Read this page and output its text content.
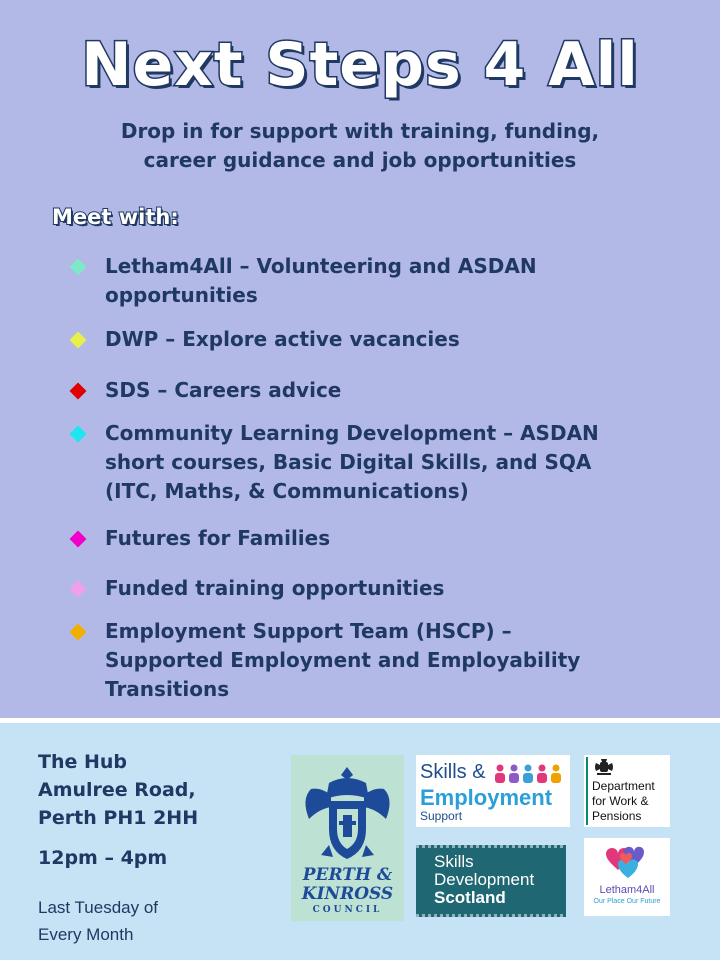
Next Steps 4 All
Drop in for support with training, funding,
career guidance and job opportunities
Meet with:
Letham4All – Volunteering and ASDAN
opportunities
DWP – Explore active vacancies
SDS – Careers advice
Community Learning Development – ASDAN
short courses, Basic Digital Skills, and SQA
(ITC, Maths, & Communications)
Futures for Families
Funded training opportunities
Employment Support Team (HSCP) –
Supported Employment and Employability
Transitions
The Hub
Amulree Road,
Perth PH1 2HH
12pm – 4pm
Last Tuesday of
Every Month
PERTH &
KINROSS
COUNCIL
Skills &
Employment
Support
Department
for Work &
Pensions
Skills
Development
Scotland	Letham4All
Our Place Our Future
